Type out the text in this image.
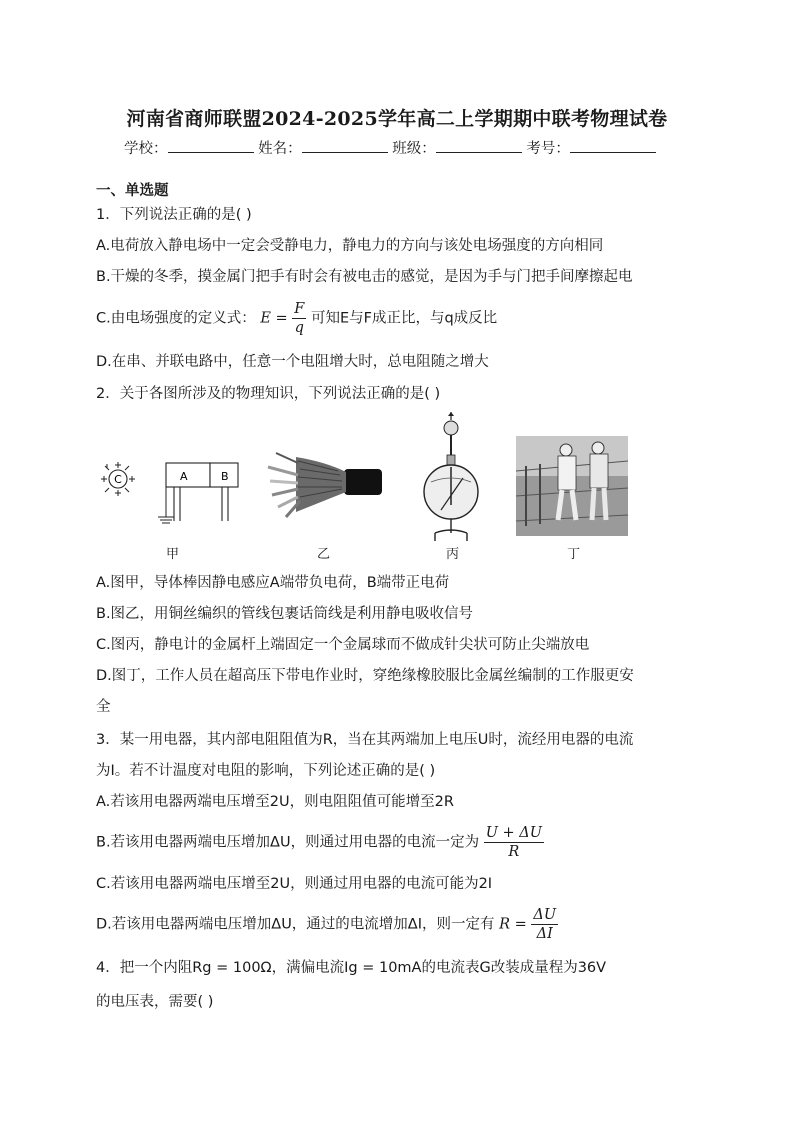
河南省商师联盟2024-2025学年高二上学期期中联考物理试卷
学校：	姓名：	班级：	考号：
一、单选题
1．下列说法正确的是( )
A.电荷放入静电场中一定会受静电力，静电力的方向与该处电场强度的方向相同
B.干燥的冬季，摸金属门把手有时会有被电击的感觉，是因为手与门把手间摩擦起电
C.由电场强度的定义式： $E = \frac{F}{q}$ 可知E与F成正比，与q成反比
D.在串、并联电路中，任意一个电阻增大时，总电阻随之增大
2．关于各图所涉及的物理知识，下列说法正确的是( )
C	A	B
甲	乙	丙	丁
A.图甲，导体棒因静电感应A端带负电荷，B端带正电荷
B.图乙，用铜丝编织的管线包裹话筒线是利用静电吸收信号
C.图丙，静电计的金属杆上端固定一个金属球而不做成针尖状可防止尖端放电
D.图丁，工作人员在超高压下带电作业时，穿绝缘橡胶服比金属丝编制的工作服更安
全
3．某一用电器，其内部电阻阻值为R，当在其两端加上电压U时，流经用电器的电流
为I。若不计温度对电阻的影响，下列论述正确的是( )
A.若该用电器两端电压增至2U，则电阻阻值可能增至2R
B.若该用电器两端电压增加ΔU，则通过用电器的电流一定为 $\frac{U + \Delta U}{R}$
C.若该用电器两端电压增至2U，则通过用电器的电流可能为2I
D.若该用电器两端电压增加ΔU，通过的电流增加ΔI，则一定有 $R = \frac{\Delta U}{\Delta I}$
4．把一个内阻Rg = 100Ω，满偏电流Ig = 10mA的电流表G改装成量程为36V
的电压表，需要( )
